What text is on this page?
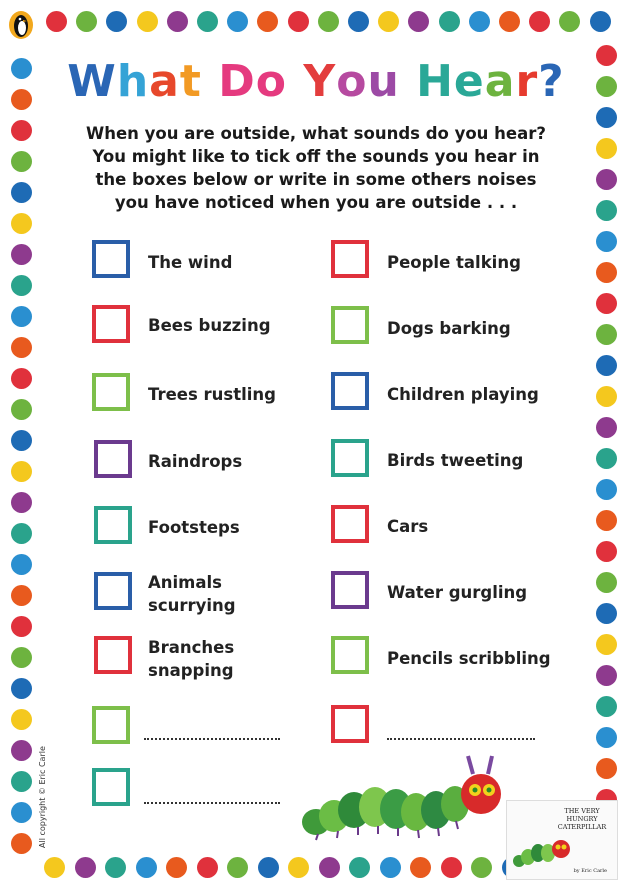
What Do You Hear?
When you are outside, what sounds do you hear?
You might like to tick off the sounds you hear in
the boxes below or write in some others noises
you have noticed when you are outside . . .
The wind
Bees buzzing
Trees rustling
Raindrops
Footsteps
Animals scurrying
Branches snapping
People talking
Dogs barking
Children playing
Birds tweeting
Cars
Water gurgling
Pencils scribbling
All copyright © Eric Carle	THE VERY
HUNGRY
CATERPILLAR
by Eric Carle
